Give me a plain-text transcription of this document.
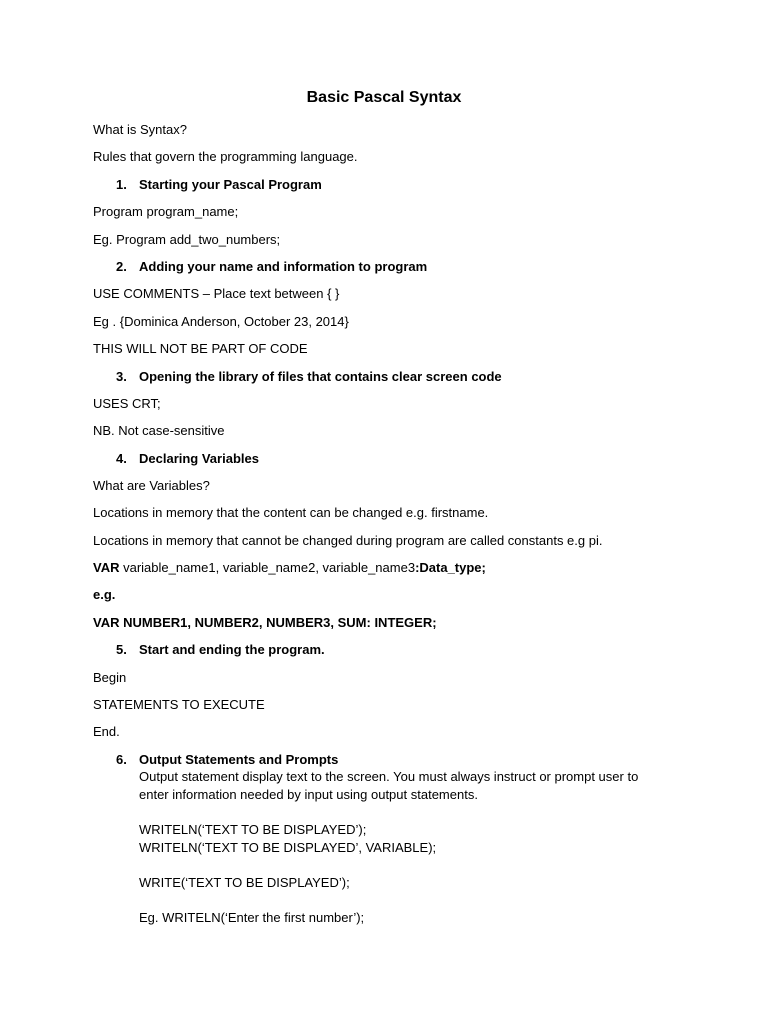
Basic Pascal Syntax
What is Syntax?
Rules that govern the programming language.
1. Starting your Pascal Program
Program program_name;
Eg. Program add_two_numbers;
2. Adding your name and information to program
USE COMMENTS – Place text between { }
Eg . {Dominica Anderson, October 23, 2014}
THIS WILL NOT BE PART OF CODE
3. Opening the library of files that contains clear screen code
USES CRT;
NB. Not case-sensitive
4. Declaring Variables
What are Variables?
Locations in memory that the content can be changed e.g. firstname.
Locations in memory that cannot be changed during program are called constants e.g pi.
VAR variable_name1, variable_name2, variable_name3:Data_type;
e.g.
VAR NUMBER1, NUMBER2, NUMBER3, SUM: INTEGER;
5. Start and ending the program.
Begin
STATEMENTS TO EXECUTE
End.
6. Output Statements and Prompts
Output statement display text to the screen. You must always instruct or prompt user to
enter information needed by input using output statements.
WRITELN(‘TEXT TO BE DISPLAYED’);
WRITELN(‘TEXT TO BE DISPLAYED’, VARIABLE);
WRITE(‘TEXT TO BE DISPLAYED’);
Eg. WRITELN(‘Enter the first number’);
